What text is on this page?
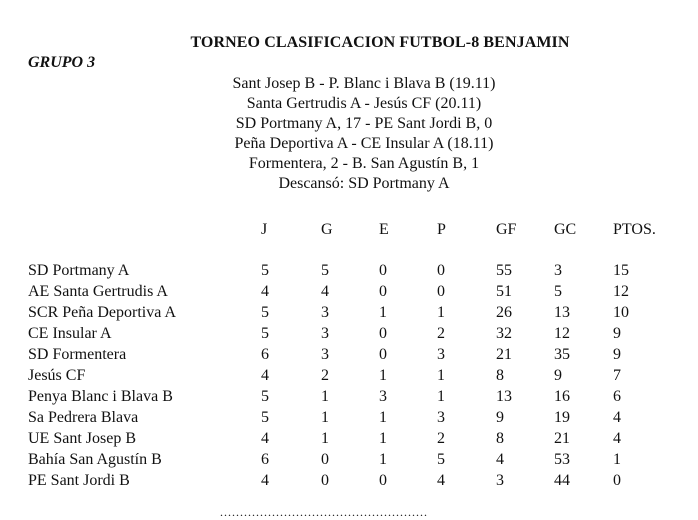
TORNEO CLASIFICACION FUTBOL-8 BENJAMIN
GRUPO 3
Sant Josep B - P. Blanc i Blava B (19.11)
Santa Gertrudis A - Jesús CF (20.11)
SD Portmany A, 17 - PE Sant Jordi B, 0
Peña Deportiva A - CE Insular A (18.11)
Formentera, 2 - B. San Agustín B, 1
Descansó: SD Portmany A
J	G	E	P	GF GC PTOS.
SD Portmany A	5	5	0	0	55	3	15
AE Santa Gertrudis A	4	4	0	0	51	5	12
SCR Peña Deportiva A	5	3	1	1	26	13	10
CE Insular A	5	3	0	2	32	12	9
SD Formentera	6	3	0	3	21	35	9
Jesús CF	4	2	1	1	8	9	7
Penya Blanc i Blava B	5	1	3	1	13	16	6
Sa Pedrera Blava	5	1	1	3	9	19	4
UE Sant Josep B	4	1	1	2	8	21	4
Bahía San Agustín B	6	0	1	5	4	53	1
PE Sant Jordi B	4	0	0	4	3	44	0
....................................................
